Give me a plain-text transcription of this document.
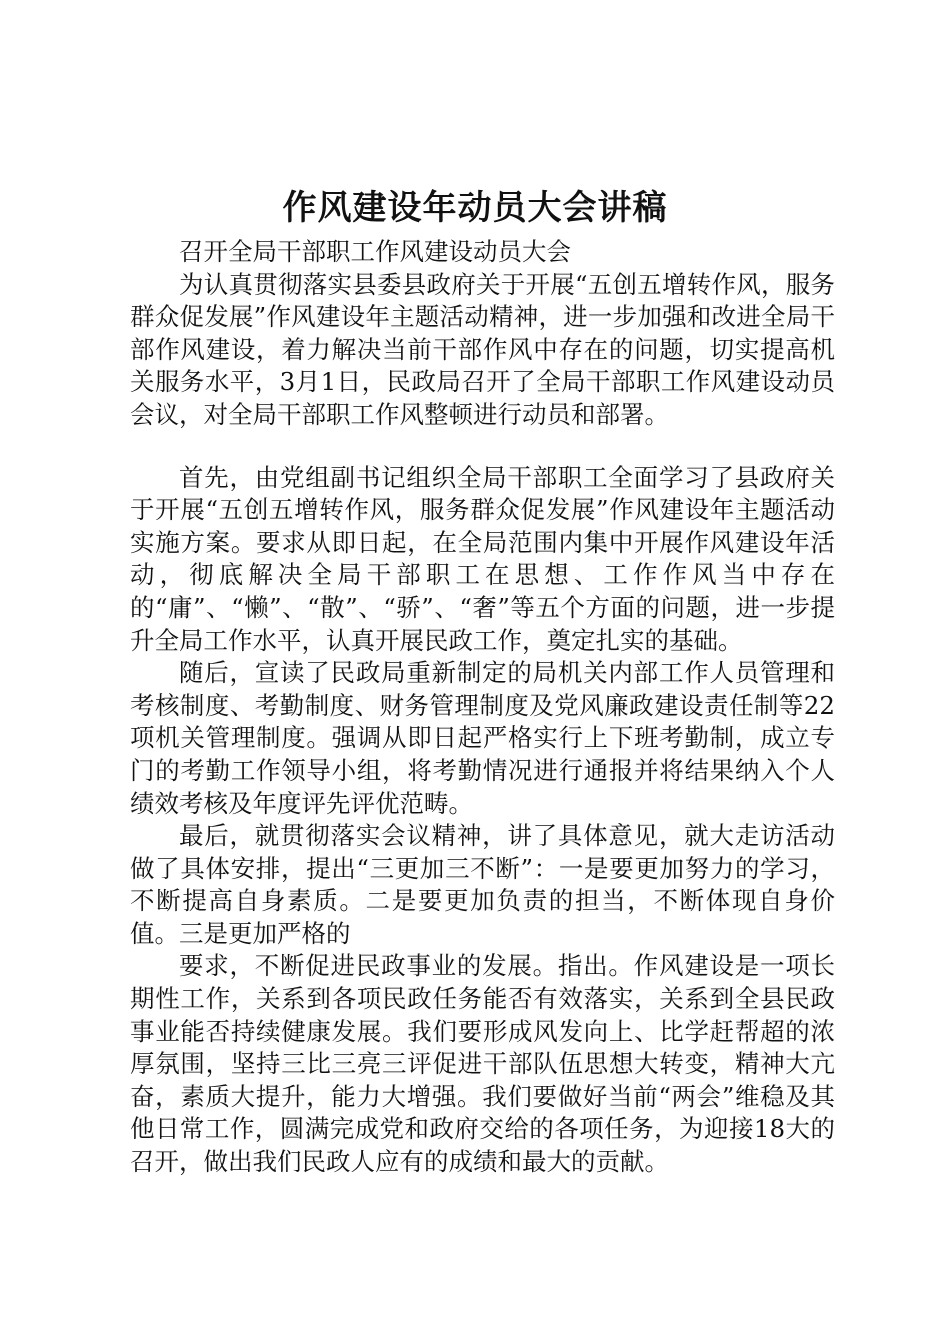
作风建设年动员大会讲稿

召开全局干部职工作风建设动员大会

为认真贯彻落实县委县政府关于开展“五创五增转作风，服务群众促发展”作风建设年主题活动精神，进一步加强和改进全局干部作风建设，着力解决当前干部作风中存在的问题，切实提高机关服务水平，3月1日，民政局召开了全局干部职工作风建设动员会议，对全局干部职工作风整顿进行动员和部署。

首先，由党组副书记组织全局干部职工全面学习了县政府关于开展“五创五增转作风，服务群众促发展”作风建设年主题活动实施方案。要求从即日起，在全局范围内集中开展作风建设年活动，彻底解决全局干部职工在思想、工作作风当中存在的“庸”、“懒”、“散”、“骄”、“奢”等五个方面的问题，进一步提升全局工作水平，认真开展民政工作，奠定扎实的基础。

随后，宣读了民政局重新制定的局机关内部工作人员管理和考核制度、考勤制度、财务管理制度及党风廉政建设责任制等22项机关管理制度。强调从即日起严格实行上下班考勤制，成立专门的考勤工作领导小组，将考勤情况进行通报并将结果纳入个人绩效考核及年度评先评优范畴。

最后，就贯彻落实会议精神，讲了具体意见，就大走访活动做了具体安排，提出“三更加三不断”：一是要更加努力的学习，不断提高自身素质。二是要更加负责的担当，不断体现自身价值。三是更加严格的

要求，不断促进民政事业的发展。指出。作风建设是一项长期性工作，关系到各项民政任务能否有效落实，关系到全县民政事业能否持续健康发展。我们要形成风发向上、比学赶帮超的浓厚氛围，坚持三比三亮三评促进干部队伍思想大转变，精神大亢奋，素质大提升，能力大增强。我们要做好当前“两会”维稳及其他日常工作，圆满完成党和政府交给的各项任务，为迎接18大的召开，做出我们民政人应有的成绩和最大的贡献。
